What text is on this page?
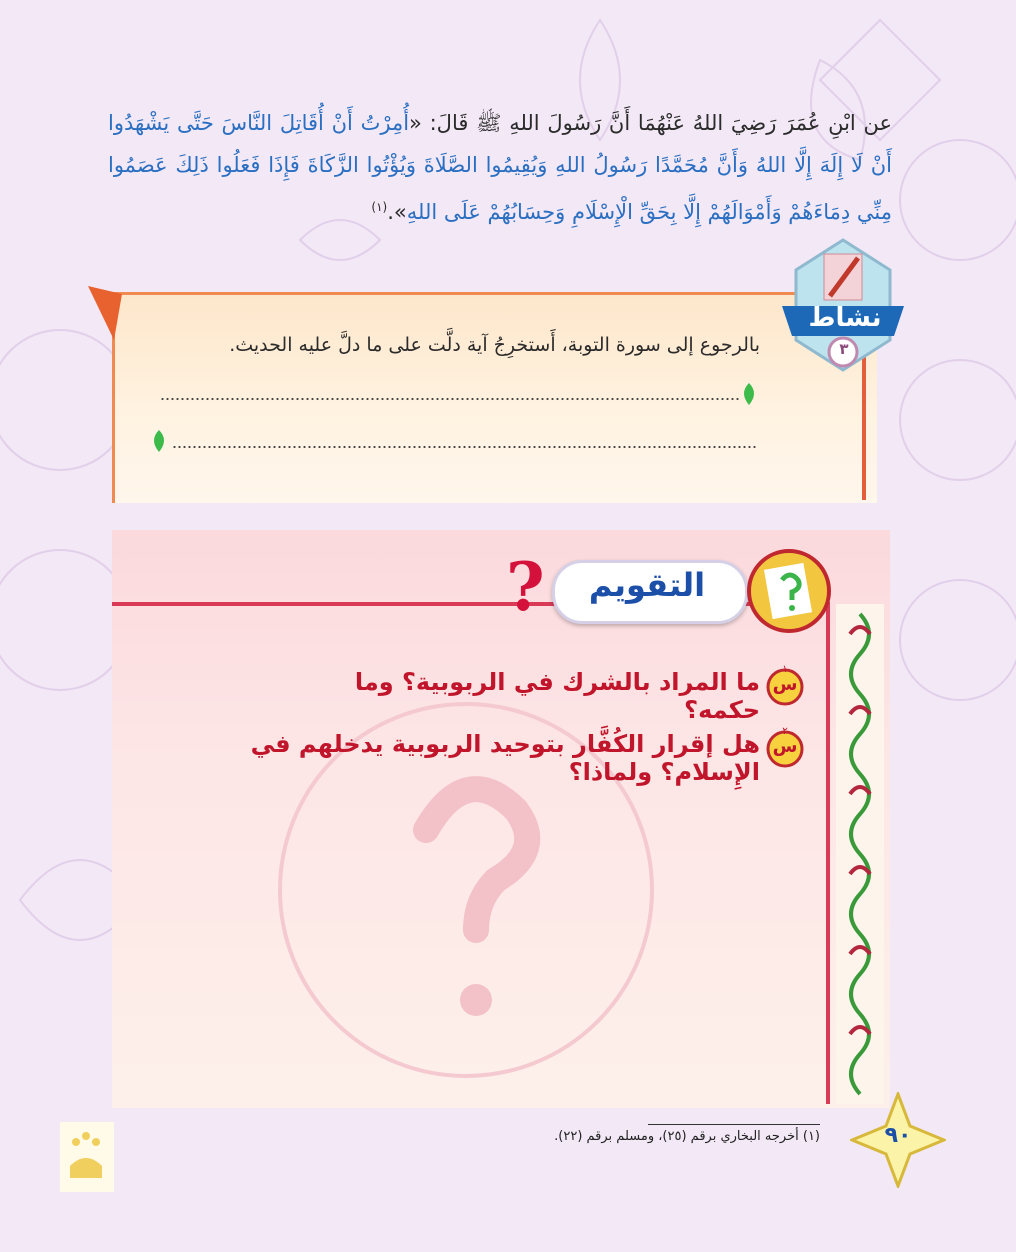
عن ابْنِ عُمَرَ رَضِيَ اللهُ عَنْهُمَا أَنَّ رَسُولَ اللهِ ﷺ قَالَ: «أُمِرْتُ أَنْ أُقَاتِلَ النَّاسَ حَتَّى يَشْهَدُوا أَنْ لَا إِلَهَ إِلَّا اللهُ وَأَنَّ مُحَمَّدًا رَسُولُ اللهِ وَيُقِيمُوا الصَّلَاةَ وَيُؤْتُوا الزَّكَاةَ فَإِذَا فَعَلُوا ذَلِكَ عَصَمُوا مِنِّي دِمَاءَهُمْ وَأَمْوَالَهُمْ إِلَّا بِحَقِّ الْإِسْلَامِ وَحِسَابُهُمْ عَلَى اللهِ».$^{(١)}$
نشاط
٣
بالرجوع إلى سورة التوبة، أَستخرِجُ آية دلَّت على ما دلَّ عليه الحديث.
التقويم
?
س
١
ما المراد بالشرك في الربوبية؟ وما حكمه؟
س
٢
هل إقرار الكُفَّار بتوحيد الربوبية يدخلهم في الإِسلام؟ ولماذا؟
(١) أخرجه البخاري برقم (٢٥)، ومسلم برقم (٢٢).	٩٠
